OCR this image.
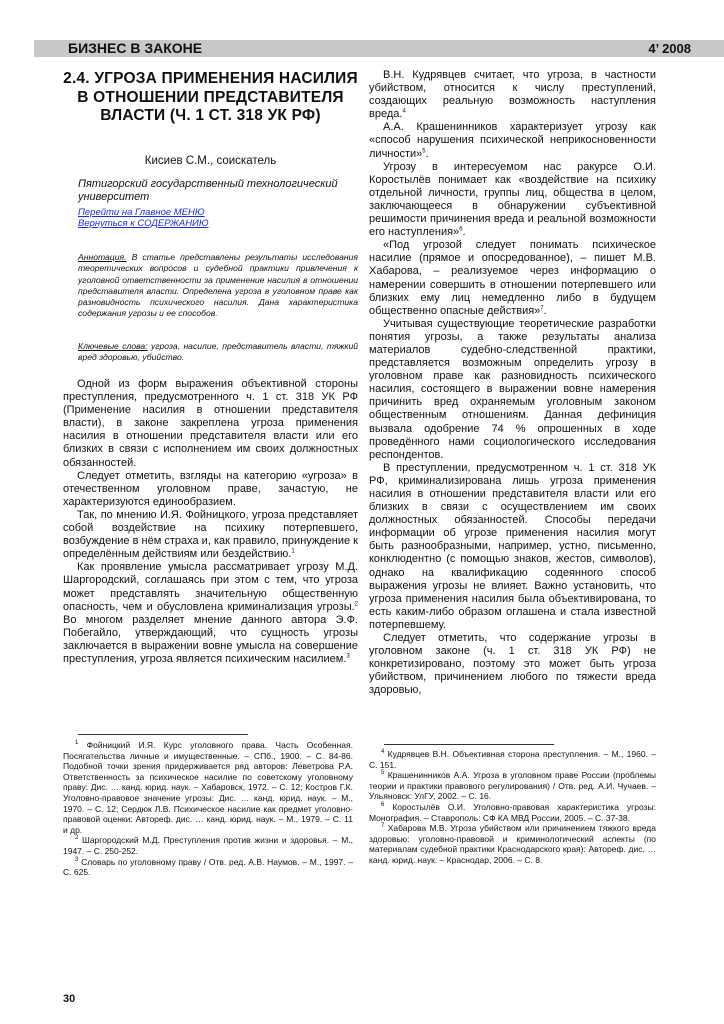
БИЗНЕС В ЗАКОНЕ	4’ 2008
2.4. УГРОЗА ПРИМЕНЕНИЯ НАСИЛИЯ В ОТНОШЕНИИ ПРЕДСТАВИТЕЛЯ ВЛАСТИ (Ч. 1 СТ. 318 УК РФ)
Кисиев С.М., соискатель
Пятигорский государственный технологический университет
Перейти на Главное МЕНЮ
Вернуться к СОДЕРЖАНИЮ
Аннотация. В статье представлены результаты исследования теоретических вопросов и судебной практики привлечения к уголовной ответственности за применение насилия в отношении представителя власти. Определена угроза в уголовном праве как разновидность психического насилия. Дана характеристика содержания угрозы и ее способов.
Ключевые слова: угроза, насилие, представитель власти, тяжкий вред здоровью, убийство.

Одной из форм выражения объективной стороны преступления, предусмотренного ч. 1 ст. 318 УК РФ (Применение насилия в отношении представителя власти), в законе закреплена угроза применения насилия в отношении представителя власти или его близких в связи с исполнением им своих должностных обязанностей.

Следует отметить, взгляды на категорию «угроза» в отечественном уголовном праве, зачастую, не характеризуются единообразием.

Так, по мнению И.Я. Фойницкого, угроза представляет собой воздействие на психику потерпевшего, возбуждение в нём страха и, как правило, принуждение к определённым действиям или бездействию.$^1$

Как проявление умысла рассматривает угрозу М.Д. Шаргородский, соглашаясь при этом с тем, что угроза может представлять значительную общественную опасность, чем и обусловлена криминализация угрозы.$^2$ Во многом разделяет мнение данного автора Э.Ф. Побегайло, утверждающий, что сущность угрозы заключается в выражении вовне умысла на совершение преступления, угроза является психическим насилием.$^3$

В.Н. Кудрявцев считает, что угроза, в частности убийством, относится к числу преступлений, создающих реальную возможность наступления вреда.$^4$

А.А. Крашенинников характеризует угрозу как «способ нарушения психической неприкосновенности личности»$^5$.

Угрозу в интересуемом нас ракурсе О.И. Коростылёв понимает как «воздействие на психику отдельной личности, группы лиц, общества в целом, заключающееся в обнаружении субъективной решимости причинения вреда и реальной возможности его наступления»$^6$.

«Под угрозой следует понимать психическое насилие (прямое и опосредованное), – пишет М.В. Хабарова, – реализуемое через информацию о намерении совершить в отношении потерпевшего или близких ему лиц немедленно либо в будущем общественно опасные действия»$^7$.

Учитывая существующие теоретические разработки понятия угрозы, а также результаты анализа материалов судебно-следственной практики, представляется возможным определить угрозу в уголовном праве как разновидность психического насилия, состоящего в выражении вовне намерения причинить вред охраняемым уголовным законом общественным отношениям. Данная дефиниция вызвала одобрение 74 % опрошенных в ходе проведённого нами социологического исследования респондентов.

В преступлении, предусмотренном ч. 1 ст. 318 УК РФ, криминализирована лишь угроза применения насилия в отношении представителя власти или его близких в связи с осуществлением им своих должностных обязанностей. Способы передачи информации об угрозе применения насилия могут быть разнообразными, например, устно, письменно, конклюдентно (с помощью знаков, жестов, символов), однако на квалификацию содеянного способ выражения угрозы не влияет. Важно установить, что угроза применения насилия была объективирована, то есть каким-либо образом оглашена и стала известной потерпевшему.

Следует отметить, что содержание угрозы в уголовном законе (ч. 1 ст. 318 УК РФ) не конкретизировано, поэтому это может быть угроза убийством, причинением любого по тяжести вреда здоровью,

$^1$ Фойницкий И.Я. Курс уголовного права. Часть Особенная. Посягательства личные и имущественные. – СПб., 1900. – С. 84-86. Подобной точки зрения придерживается ряд авторов: Леветрова Р.А. Ответственность за психическое насилие по советскому уголовному праву: Дис. … канд. юрид. наук. – Хабаровск, 1972. – С. 12; Костров Г.К. Уголовно-правовое значение угрозы: Дис. … канд. юрид. наук. – М., 1970. – С. 12; Сердюк Л.В. Психическое насилие как предмет уголовно-правовой оценки: Автореф. дис. … канд. юрид. наук. – М., 1979. – С. 11 и др.
$^2$ Шаргородский М.Д. Преступления против жизни и здоровья. – М., 1947. – С. 250-252.
$^3$ Словарь по уголовному праву / Отв. ред. А.В. Наумов. – М., 1997. – С. 625.
$^4$ Кудрявцев В.Н. Объективная сторона преступления. – М., 1960. – С. 151.
$^5$ Крашенинников А.А. Угроза в уголовном праве России (проблемы теории и практики правового регулирования) / Отв. ред. А.И. Чучаев. – Ульяновск: УлГУ, 2002. – С. 16.
$^6$ Коростылёв О.И. Уголовно-правовая характеристика угрозы: Монография. – Ставрополь: СФ КА МВД России, 2005. – С. 37-38.
$^7$ Хабарова М.В. Угроза убийством или причинением тяжкого вреда здоровью: уголовно-правовой и криминологический аспекты (по материалам судебной практики Краснодарского края): Автореф. дис. … канд. юрид. наук. – Краснодар, 2006. – С. 8.
30
